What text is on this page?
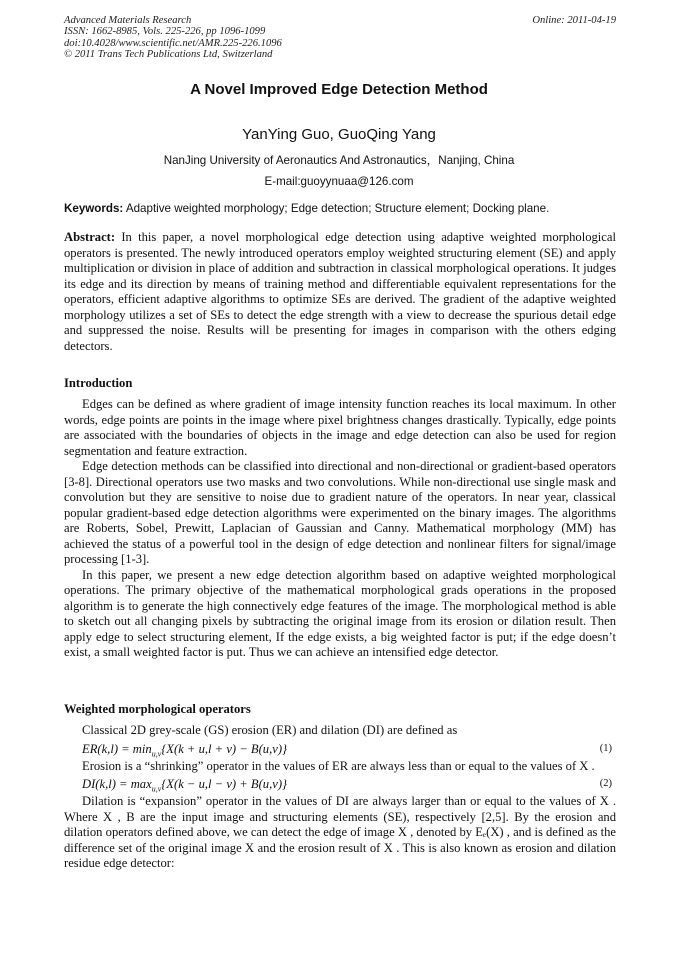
Advanced Materials Research
ISSN: 1662-8985, Vols. 225-226, pp 1096-1099
doi:10.4028/www.scientific.net/AMR.225-226.1096
© 2011 Trans Tech Publications Ltd, Switzerland
Online: 2011-04-19
A Novel Improved Edge Detection Method
YanYing Guo, GuoQing Yang
NanJing University of Aeronautics And Astronautics，Nanjing, China
E-mail:guoyynuaa@126.com
Keywords: Adaptive weighted morphology; Edge detection; Structure element; Docking plane.

Abstract: In this paper, a novel morphological edge detection using adaptive weighted morphological operators is presented. The newly introduced operators employ weighted structuring element (SE) and apply multiplication or division in place of addition and subtraction in classical morphological operations. It judges its edge and its direction by means of training method and differentiable equivalent representations for the operators, efficient adaptive algorithms to optimize SEs are derived. The gradient of the adaptive weighted morphology utilizes a set of SEs to detect the edge strength with a view to decrease the spurious detail edge and suppressed the noise. Results will be presenting for images in comparison with the others edging detectors.

Introduction

Edges can be defined as where gradient of image intensity function reaches its local maximum. In other words, edge points are points in the image where pixel brightness changes drastically. Typically, edge points are associated with the boundaries of objects in the image and edge detection can also be used for region segmentation and feature extraction.

Edge detection methods can be classified into directional and non-directional or gradient-based operators [3-8]. Directional operators use two masks and two convolutions. While non-directional use single mask and convolution but they are sensitive to noise due to gradient nature of the operators. In near year, classical popular gradient-based edge detection algorithms were experimented on the binary images. The algorithms are Roberts, Sobel, Prewitt, Laplacian of Gaussian and Canny. Mathematical morphology (MM) has achieved the status of a powerful tool in the design of edge detection and nonlinear filters for signal/image processing [1-3].

In this paper, we present a new edge detection algorithm based on adaptive weighted morphological operations. The primary objective of the mathematical morphological grads operations in the proposed algorithm is to generate the high connectively edge features of the image. The morphological method is able to sketch out all changing pixels by subtracting the original image from its erosion or dilation result. Then apply edge to select structuring element, If the edge exists, a big weighted factor is put; if the edge doesn’t exist, a small weighted factor is put. Thus we can achieve an intensified edge detector.

Weighted morphological operators

Classical 2D grey-scale (GS) erosion (ER) and dilation (DI) are defined as

$ER(k,l) = \min_{u,v}\{X(k + u,l + v) - B(u,v)\}$	(1)

Erosion is a “shrinking” operator in the values of ER are always less than or equal to the values of X .

$DI(k,l) = \max_{u,v}\{X(k - u,l - v) + B(u,v)\}$	(2)

Dilation is “expansion” operator in the values of DI are always larger than or equal to the values of X . Where X , B are the input image and structuring elements (SE), respectively [2,5]. By the erosion and dilation operators defined above, we can detect the edge of image X , denoted by Eₑ(X) , and is defined as the difference set of the original image X and the erosion result of X . This is also known as erosion and dilation residue edge detector:
